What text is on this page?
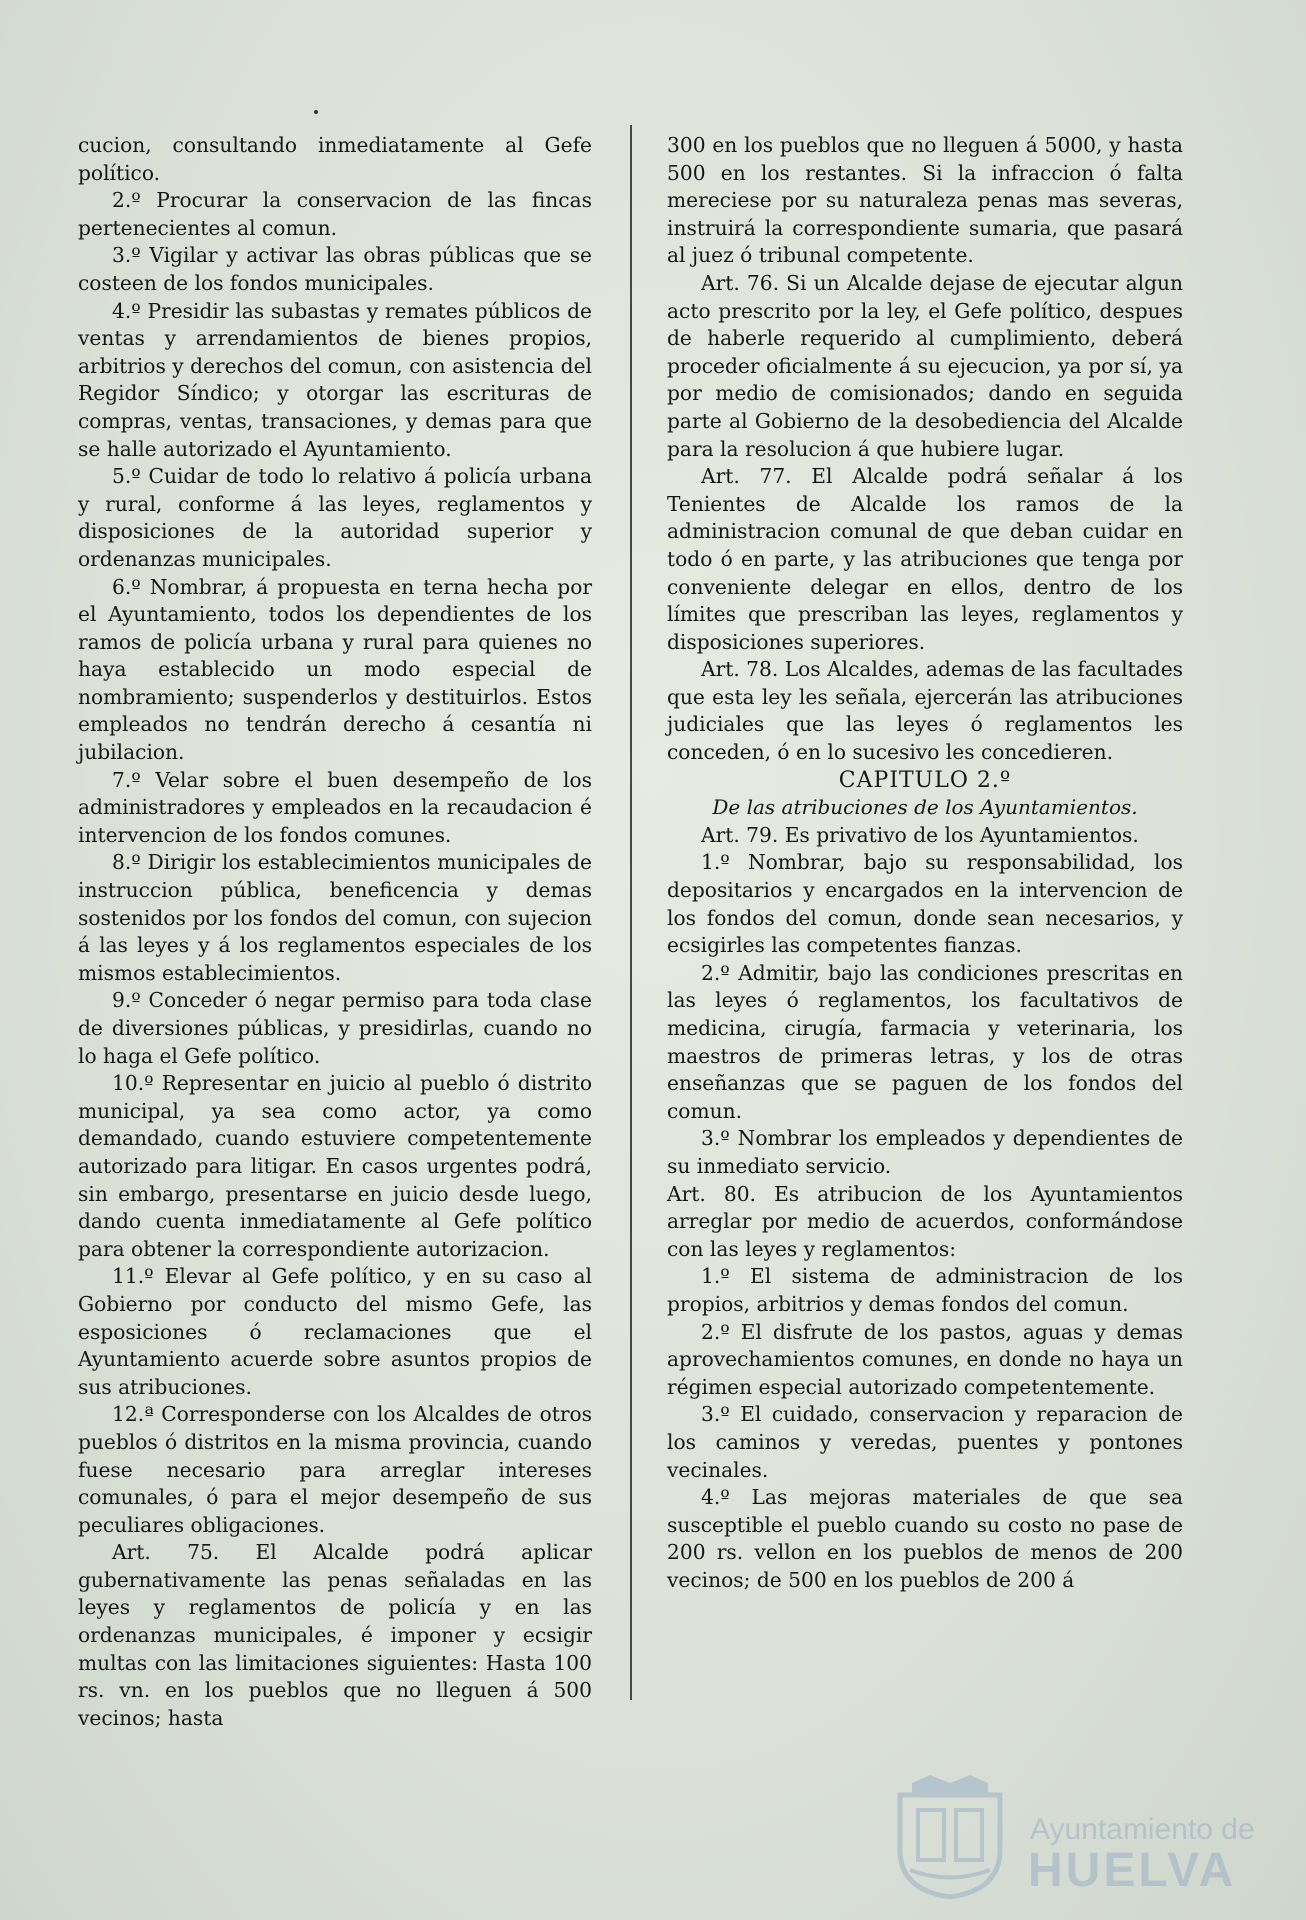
cucion, consultando inmediatamente al Gefe político.

2.º Procurar la conservacion de las fincas pertenecientes al comun.

3.º Vigilar y activar las obras públicas que se costeen de los fondos municipales.

4.º Presidir las subastas y remates públicos de ventas y arrendamientos de bienes propios, arbitrios y derechos del comun, con asistencia del Regidor Síndico; y otorgar las escrituras de compras, ventas, transaciones, y demas para que se halle autorizado el Ayuntamiento.

5.º Cuidar de todo lo relativo á policía urbana y rural, conforme á las leyes, reglamentos y disposiciones de la autoridad superior y ordenanzas municipales.

6.º Nombrar, á propuesta en terna hecha por el Ayuntamiento, todos los dependientes de los ramos de policía urbana y rural para quienes no haya establecido un modo especial de nombramiento; suspenderlos y destituirlos. Estos empleados no tendrán derecho á cesantía ni jubilacion.

7.º Velar sobre el buen desempeño de los administradores y empleados en la recaudacion é intervencion de los fondos comunes.

8.º Dirigir los establecimientos municipales de instruccion pública, beneficencia y demas sostenidos por los fondos del comun, con sujecion á las leyes y á los reglamentos especiales de los mismos establecimientos.

9.º Conceder ó negar permiso para toda clase de diversiones públicas, y presidirlas, cuando no lo haga el Gefe político.

10.º Representar en juicio al pueblo ó distrito municipal, ya sea como actor, ya como demandado, cuando estuviere competentemente autorizado para litigar. En casos urgentes podrá, sin embargo, presentarse en juicio desde luego, dando cuenta inmediatamente al Gefe político para obtener la correspondiente autorizacion.

11.º Elevar al Gefe político, y en su caso al Gobierno por conducto del mismo Gefe, las esposiciones ó reclamaciones que el Ayuntamiento acuerde sobre asuntos propios de sus atribuciones.

12.ª Corresponderse con los Alcaldes de otros pueblos ó distritos en la misma provincia, cuando fuese necesario para arreglar intereses comunales, ó para el mejor desempeño de sus peculiares obligaciones.

Art. 75. El Alcalde podrá aplicar gubernativamente las penas señaladas en las leyes y reglamentos de policía y en las ordenanzas municipales, é imponer y ecsigir multas con las limitaciones siguientes: Hasta 100 rs. vn. en los pueblos que no lleguen á 500 vecinos; hasta

300 en los pueblos que no lleguen á 5000, y hasta 500 en los restantes. Si la infraccion ó falta mereciese por su naturaleza penas mas severas, instruirá la correspondiente sumaria, que pasará al juez ó tribunal competente.

Art. 76. Si un Alcalde dejase de ejecutar algun acto prescrito por la ley, el Gefe político, despues de haberle requerido al cumplimiento, deberá proceder oficialmente á su ejecucion, ya por sí, ya por medio de comisionados; dando en seguida parte al Gobierno de la desobediencia del Alcalde para la resolucion á que hubiere lugar.

Art. 77. El Alcalde podrá señalar á los Tenientes de Alcalde los ramos de la administracion comunal de que deban cuidar en todo ó en parte, y las atribuciones que tenga por conveniente delegar en ellos, dentro de los límites que prescriban las leyes, reglamentos y disposiciones superiores.

Art. 78. Los Alcaldes, ademas de las facultades que esta ley les señala, ejercerán las atribuciones judiciales que las leyes ó reglamentos les conceden, ó en lo sucesivo les concedieren.

CAPITULO 2.º

De las atribuciones de los Ayuntamientos.

Art. 79. Es privativo de los Ayuntamientos.

1.º Nombrar, bajo su responsabilidad, los depositarios y encargados en la intervencion de los fondos del comun, donde sean necesarios, y ecsigirles las competentes fianzas.

2.º Admitir, bajo las condiciones prescritas en las leyes ó reglamentos, los facultativos de medicina, cirugía, farmacia y veterinaria, los maestros de primeras letras, y los de otras enseñanzas que se paguen de los fondos del comun.

3.º Nombrar los empleados y dependientes de su inmediato servicio.

Art. 80. Es atribucion de los Ayuntamientos arreglar por medio de acuerdos, conformándose con las leyes y reglamentos:

1.º El sistema de administracion de los propios, arbitrios y demas fondos del comun.

2.º El disfrute de los pastos, aguas y demas aprovechamientos comunes, en donde no haya un régimen especial autorizado competentemente.

3.º El cuidado, conservacion y reparacion de los caminos y veredas, puentes y pontones vecinales.

4.º Las mejoras materiales de que sea susceptible el pueblo cuando su costo no pase de 200 rs. vellon en los pueblos de menos de 200 vecinos; de 500 en los pueblos de 200 á

Ayuntamiento de
HUELVA
